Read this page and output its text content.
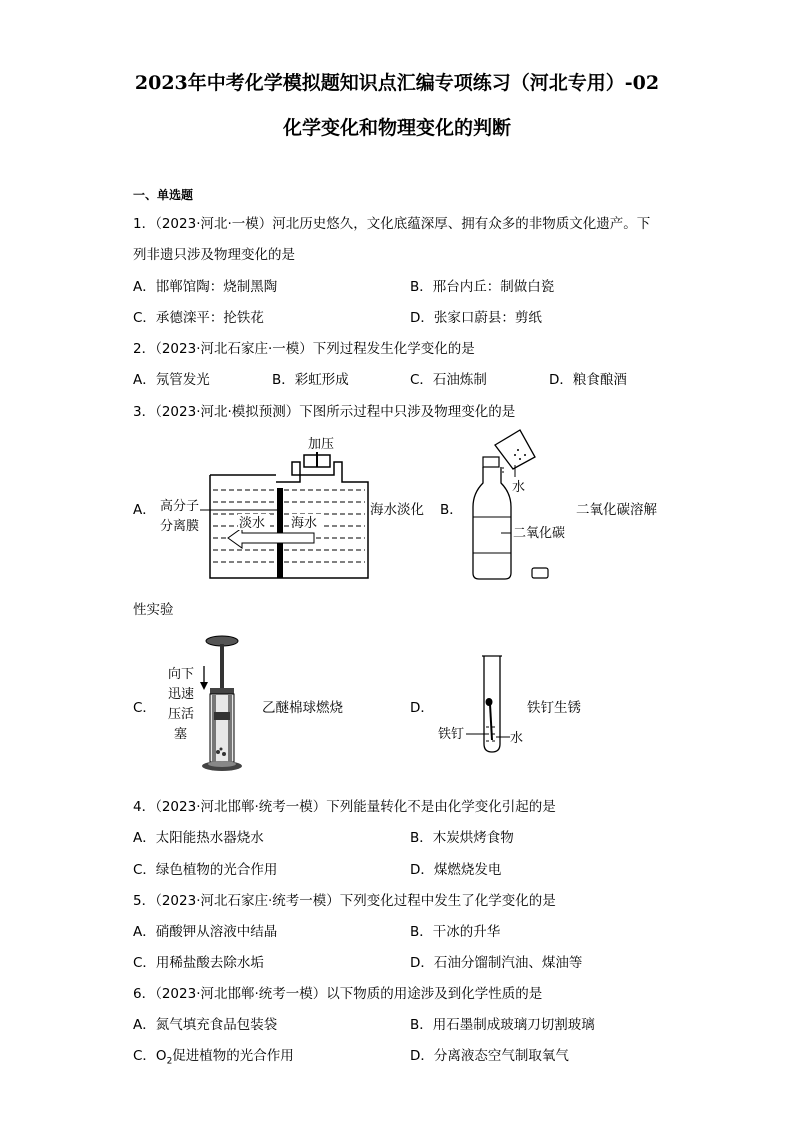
2023年中考化学模拟题知识点汇编专项练习（河北专用）-02
化学变化和物理变化的判断
一、单选题
1．（2023·河北·一模）河北历史悠久，文化底蕴深厚、拥有众多的非物质文化遗产。下
列非遗只涉及物理变化的是
A．邯郸馆陶：烧制黑陶	B．邢台内丘：制做白瓷
C．承德滦平：抡铁花	D．张家口蔚县：剪纸
2．（2023·河北石家庄·一模）下列过程发生化学变化的是
A．氖管发光	B．彩虹形成	C．石油炼制	D．粮食酿酒
3．（2023·河北·模拟预测）下图所示过程中只涉及物理变化的是
A．	海水淡化
加压
淡水 海水
高分子
分离膜
B．	二氧化碳溶解
性实验
水
二氧化碳
C．	乙醚棉球燃烧
向下
迅速
压活
塞
D．	铁钉生锈
铁钉	水
4．（2023·河北邯郸·统考一模）下列能量转化不是由化学变化引起的是
A．太阳能热水器烧水	B．木炭烘烤食物
C．绿色植物的光合作用	D．煤燃烧发电
5．（2023·河北石家庄·统考一模）下列变化过程中发生了化学变化的是
A．硝酸钾从溶液中结晶	B．干冰的升华
C．用稀盐酸去除水垢	D．石油分馏制汽油、煤油等
6．（2023·河北邯郸·统考一模）以下物质的用途涉及到化学性质的是
A．氮气填充食品包装袋	B．用石墨制成玻璃刀切割玻璃
C．$O_2$促进植物的光合作用	D．分离液态空气制取氧气
